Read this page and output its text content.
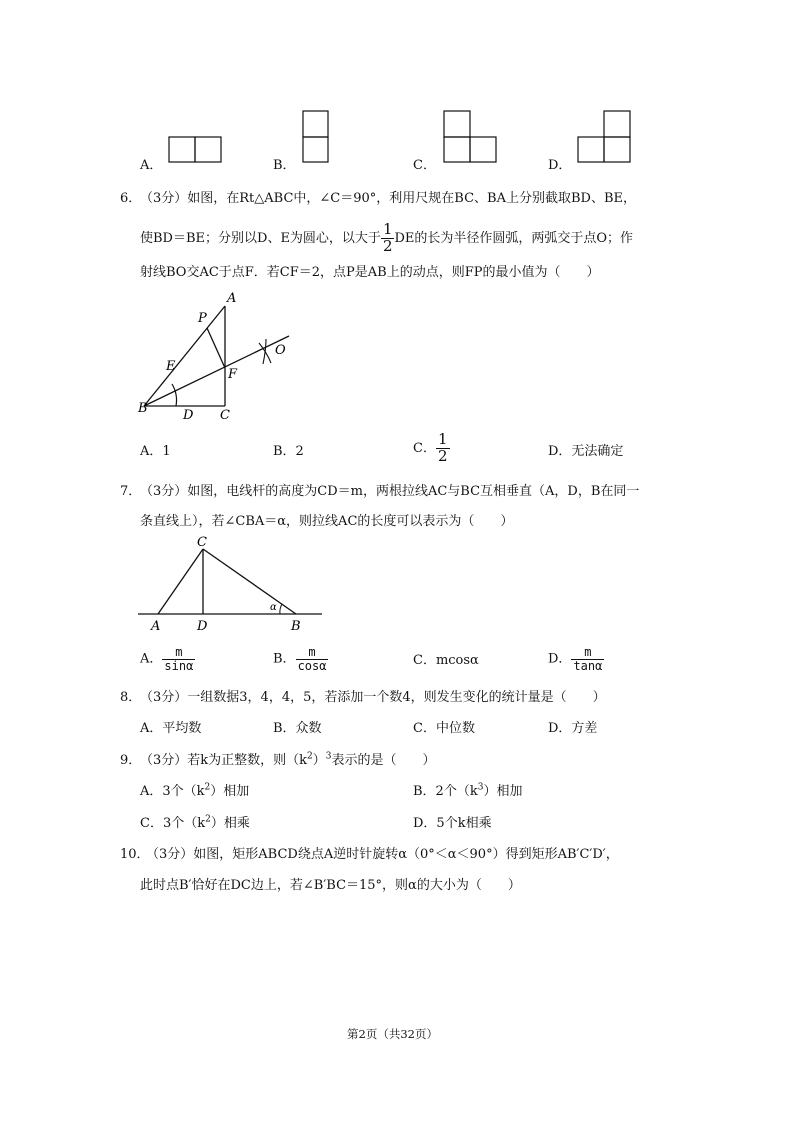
A．	B．	C．	D．
6．
（3分）如图，在Rt△ABC中，∠C＝90°，利用尺规在BC、BA上分别截取BD、BE，
使BD＝BE；分别以D、E为圆心，以大于 $\frac{1}{2}$ DE的长为半径作圆弧，两弧交于点O；作
射线BO交AC于点F．若CF＝2，点P是AB上的动点，则FP的最小值为（　　）
A
P
E
F
O
B	D C
A．1	B．2	C． $\frac{1}{2}$	D．无法确定
7．
（3分）如图，电线杆的高度为CD＝m，两根拉线AC与BC互相垂直（A，D，B在同一
条直线上），若∠CBA＝α，则拉线AC的长度可以表示为（　　）
C
A	D	B
α
A． $\frac{m}{\sin\alpha}$	B． $\frac{m}{\cos\alpha}$	C．mcosα	D． $\frac{m}{\tan\alpha}$
8．
（3分）一组数据3，4，4，5，若添加一个数4，则发生变化的统计量是（　　）
A．平均数	B．众数	C．中位数	D．方差
9．
（3分）若k为正整数，则$(k^2)^3$表示的是（　　）
A．3个$(k^2)$相加	B．2个$(k^3)$相加
C．3个$(k^2)$相乘	D．5个k相乘
10．
（3分）如图，矩形ABCD绕点A逆时针旋转α（0°＜α＜90°）得到矩形AB′C′D′，
此时点B′恰好在DC边上，若∠B′BC＝15°，则α的大小为（　　）
第2页（共32页）
